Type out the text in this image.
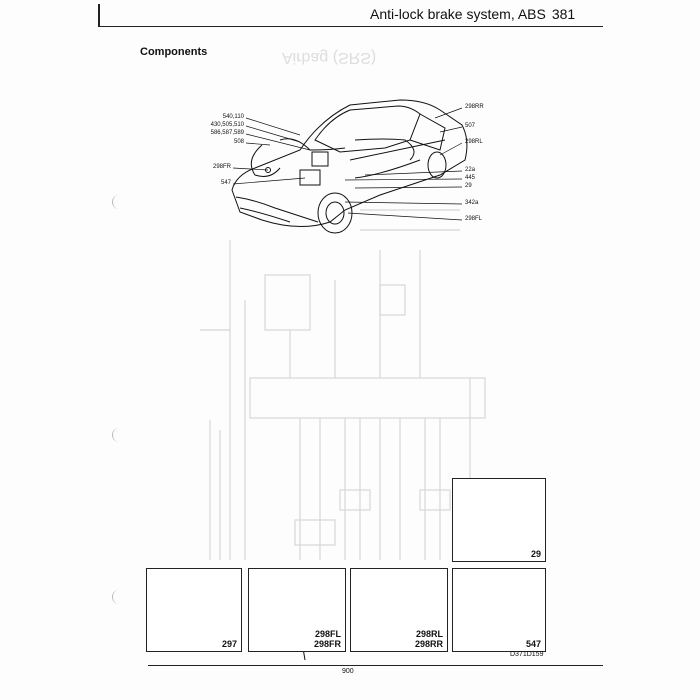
Anti-lock brake system, ABS 381
Components	Airbag (SRS)
540,110
430,505,510
586,587,589
508
298FR
547
298RR
507
298RL
22a
445
29
342a
298FL
29
297
298FL
298FR
298RL
298RR	547
D371D159
900
